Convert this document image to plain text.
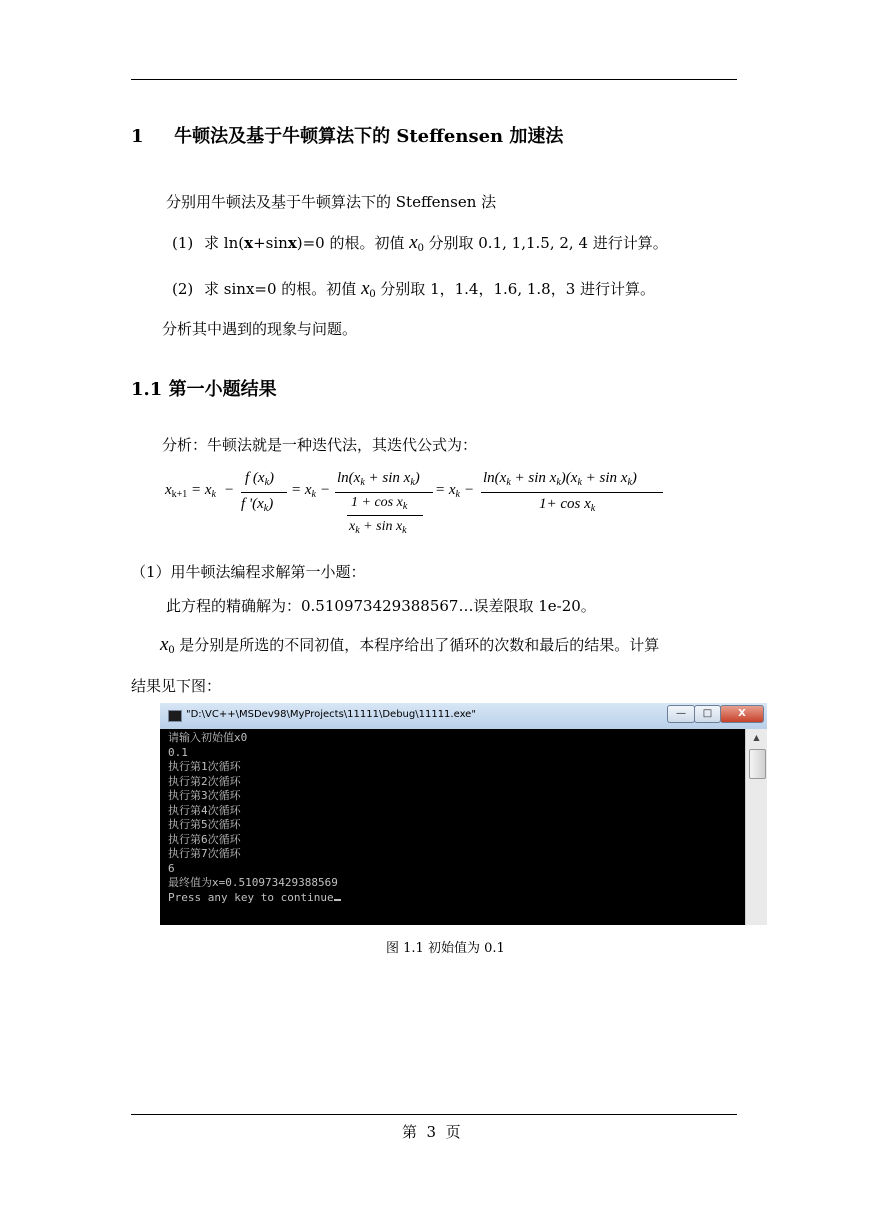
1 牛顿法及基于牛顿算法下的 Steffensen 加速法
分别用牛顿法及基于牛顿算法下的 Steffensen 法
(1) 求 ln(x+sinx)=0 的根。初值 $x_0$ 分别取 0.1, 1,1.5, 2, 4 进行计算。
(2) 求 sinx=0 的根。初值 $x_0$ 分别取 1，1.4，1.6, 1.8，3 进行计算。
分析其中遇到的现象与问题。
1.1 第一小题结果
分析：牛顿法就是一种迭代法，其迭代公式为：
$x_{k+1} = x_k$ −
f $(x_k)$
f '$(x_k)$
= $x_k$ −
$\ln(x_k + \sin x_k)$
$1 + \cos x_k$
$x_k + \sin x_k$
= $x_k$ −
$\ln(x_k + \sin x_k)(x_k + \sin x_k)$
$1+ \cos x_k$
（1）用牛顿法编程求解第一小题：
此方程的精确解为：0.510973429388567…误差限取 1e-20。
$x_0$ 是分别是所选的不同初值，本程序给出了循环的次数和最后的结果。计算
结果见下图：
"D:\VC++\MSDev98\MyProjects\11111\Debug\11111.exe"	—	□	X
请输入初始值x0
0.1
执行第1次循环
执行第2次循环
执行第3次循环
执行第4次循环
执行第5次循环
执行第6次循环
执行第7次循环
6
最终值为x=0.510973429388569
Press any key to continue
▲
图 1.1 初始值为 0.1
第  3  页
